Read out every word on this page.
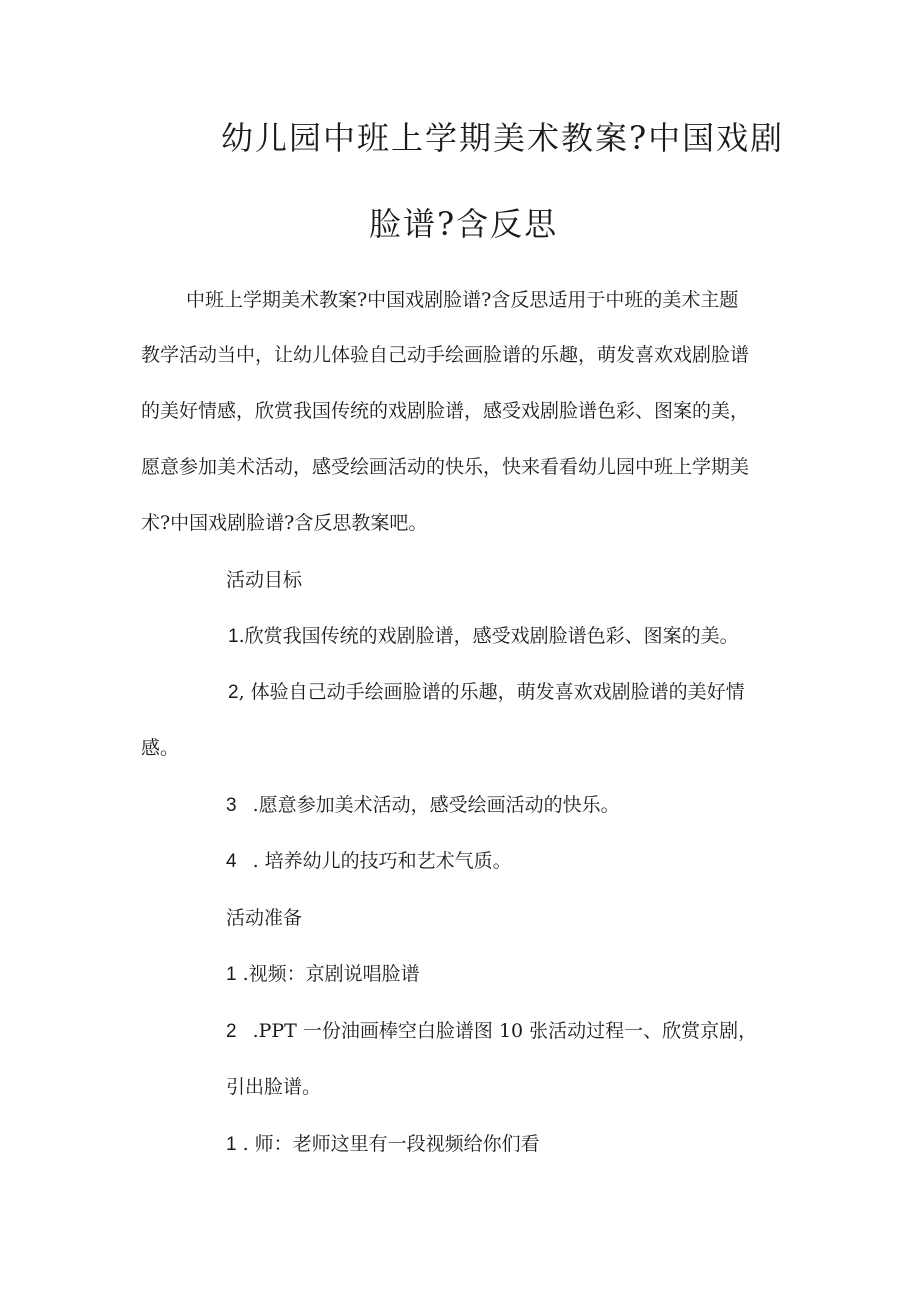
幼儿园中班上学期美术教案?中国戏剧
脸谱?含反思
中班上学期美术教案?中国戏剧脸谱?含反思适用于中班的美术主题
教学活动当中，让幼儿体验自己动手绘画脸谱的乐趣，萌发喜欢戏剧脸谱
的美好情感，欣赏我国传统的戏剧脸谱，感受戏剧脸谱色彩、图案的美，
愿意参加美术活动，感受绘画活动的快乐，快来看看幼儿园中班上学期美
术?中国戏剧脸谱?含反思教案吧。
活动目标
1.欣赏我国传统的戏剧脸谱，感受戏剧脸谱色彩、图案的美。
2, 体验自己动手绘画脸谱的乐趣，萌发喜欢戏剧脸谱的美好情
感。
3 .愿意参加美术活动，感受绘画活动的快乐。
4 . 培养幼儿的技巧和艺术气质。
活动准备
1 .视频：京剧说唱脸谱
2 .PPT 一份油画棒空白脸谱图 10 张活动过程一、欣赏京剧，
引出脸谱。
1 . 师：老师这里有一段视频给你们看
